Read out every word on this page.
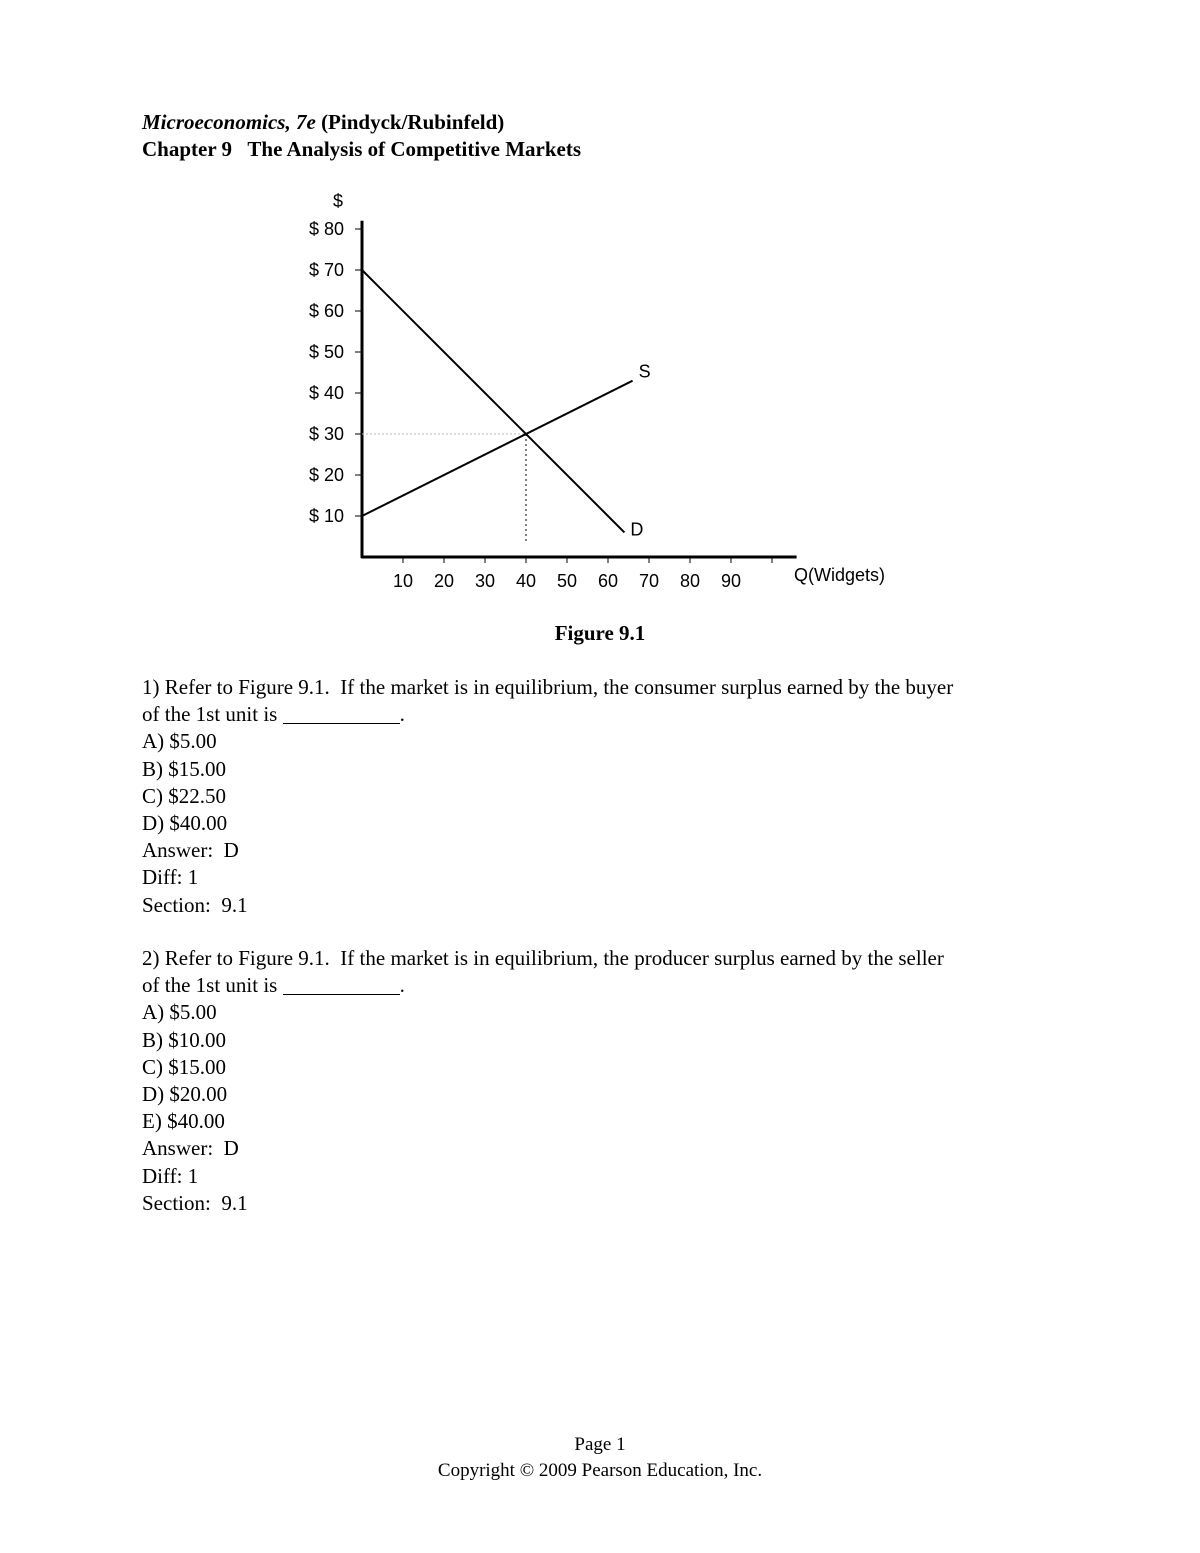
Microeconomics, 7e (Pindyck/Rubinfeld)
Chapter 9 The Analysis of Competitive Markets
$
$ 10
$ 20
$ 30
$ 40
$ 50
$ 60
$ 70
$ 80
10 20 30 40 50 60 70 80 90	Q(Widgets)
S
D
Figure 9.1
1) Refer to Figure 9.1.  If the market is in equilibrium, the consumer surplus earned by the buyer
of the 1st unit is	.
A) $5.00
B) $15.00
C) $22.50
D) $40.00
Answer:  D
Diff: 1
Section:  9.1
2) Refer to Figure 9.1.  If the market is in equilibrium, the producer surplus earned by the seller
of the 1st unit is	.
A) $5.00
B) $10.00
C) $15.00
D) $20.00
E) $40.00
Answer:  D
Diff: 1
Section:  9.1
Page 1
Copyright © 2009 Pearson Education, Inc.
